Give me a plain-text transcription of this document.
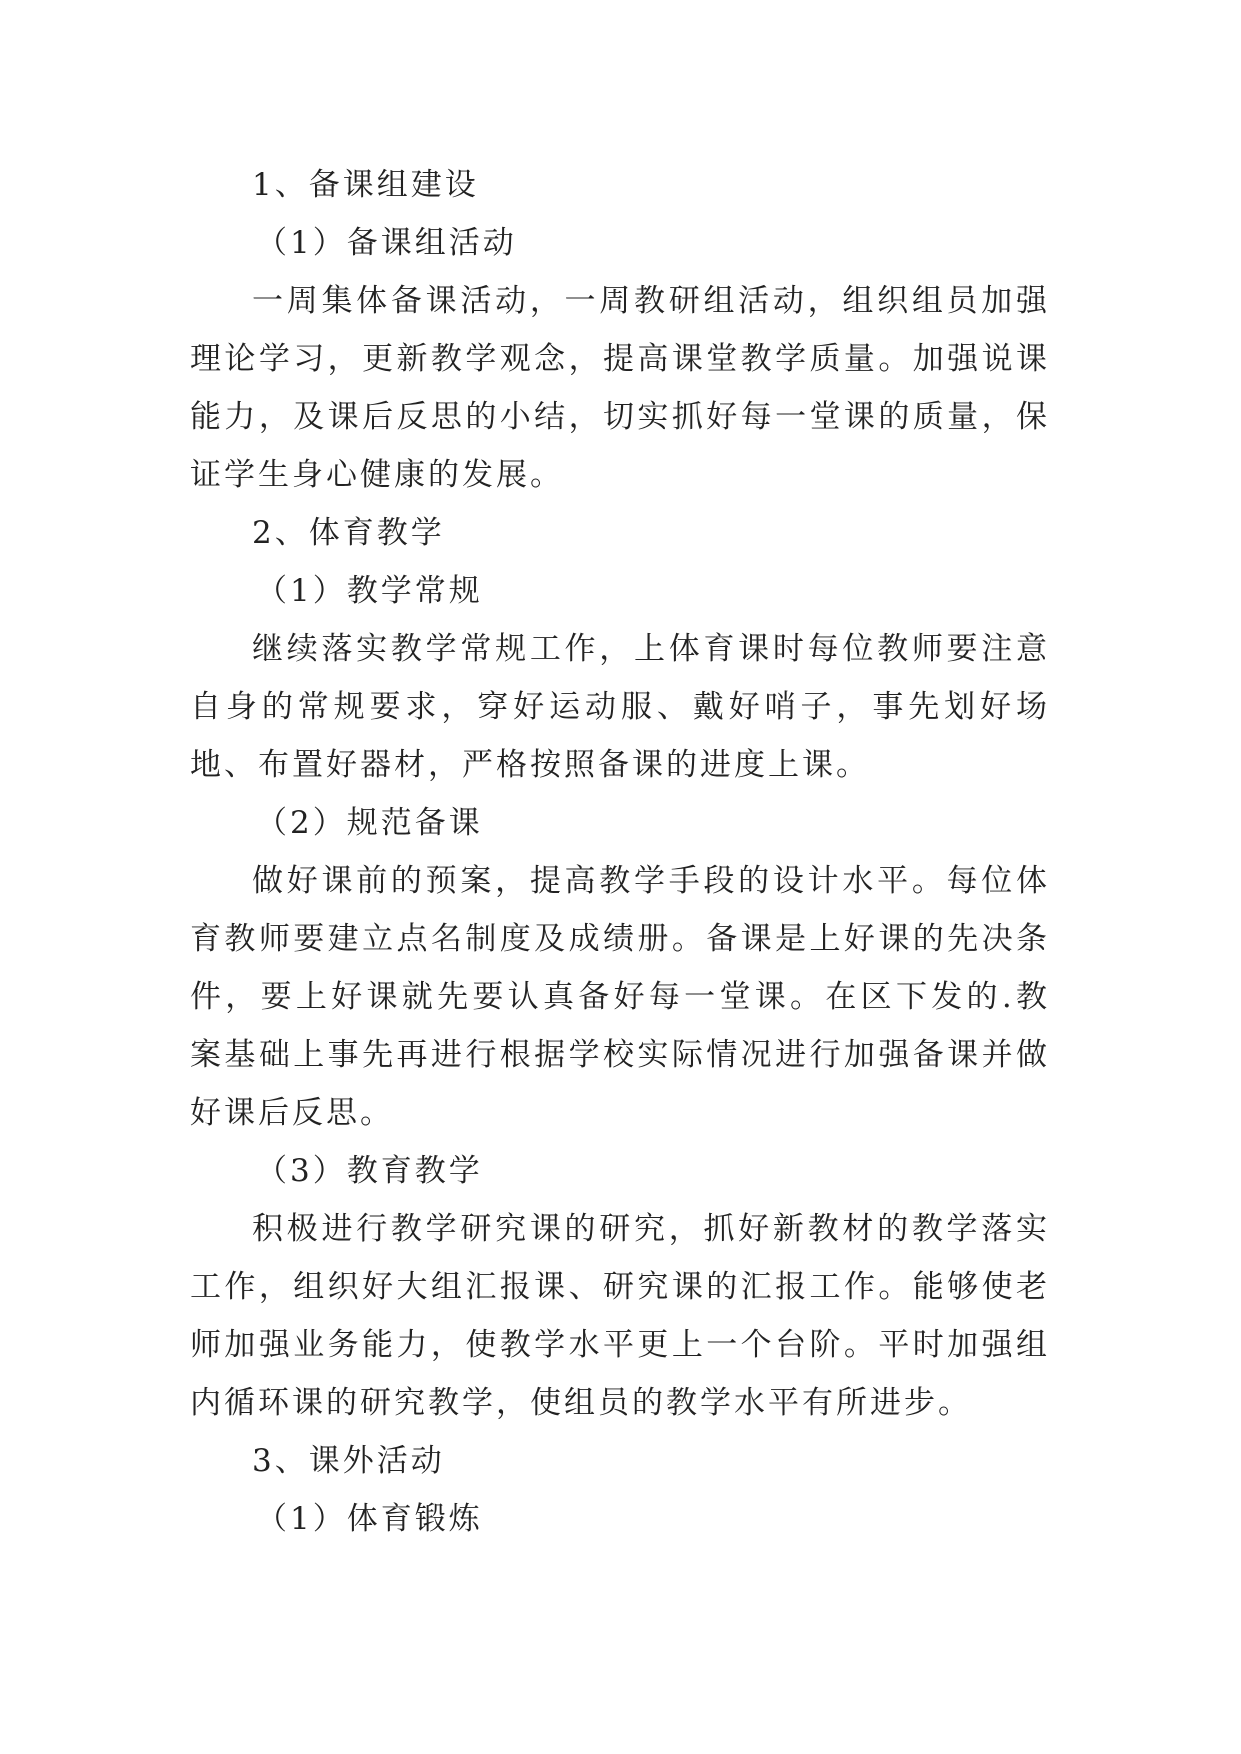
1、备课组建设

（1）备课组活动

一周集体备课活动，一周教研组活动，组织组员加强理论学习，更新教学观念，提高课堂教学质量。加强说课能力，及课后反思的小结，切实抓好每一堂课的质量，保证学生身心健康的发展。

2、体育教学

（1）教学常规

继续落实教学常规工作，上体育课时每位教师要注意自身的常规要求，穿好运动服、戴好哨子，事先划好场地、布置好器材，严格按照备课的进度上课。

（2）规范备课

做好课前的预案，提高教学手段的设计水平。每位体育教师要建立点名制度及成绩册。备课是上好课的先决条件，要上好课就先要认真备好每一堂课。在区下发的.教案基础上事先再进行根据学校实际情况进行加强备课并做好课后反思。

（3）教育教学

积极进行教学研究课的研究，抓好新教材的教学落实工作，组织好大组汇报课、研究课的汇报工作。能够使老师加强业务能力，使教学水平更上一个台阶。平时加强组内循环课的研究教学，使组员的教学水平有所进步。

3、课外活动

（1）体育锻炼
